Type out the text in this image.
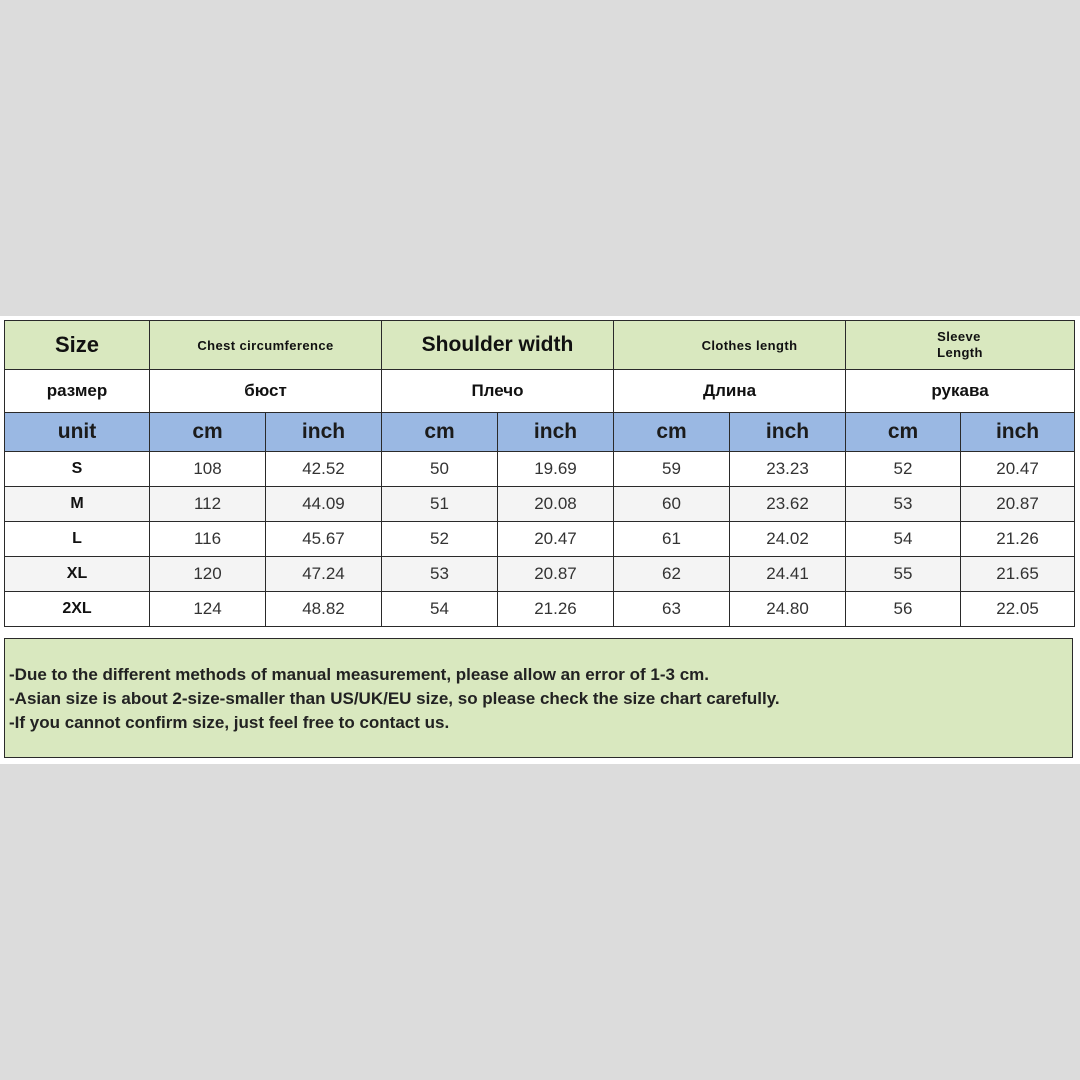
Size	Chest circumference		Shoulder width		Clothes length		Sleeve
Length	
размер	бюст		Плечо		Длина		рукава	
unit	cm	inch	cm	inch	cm	inch	cm	inch
S	108	42.52	50	19.69	59	23.23	52	20.47
M	112	44.09	51	20.08	60	23.62	53	20.87
L	116	45.67	52	20.47	61	24.02	54	21.26
XL	120	47.24	53	20.87	62	24.41	55	21.65
2XL	124	48.82	54	21.26	63	24.80	56	22.05
-Due to the different methods of manual measurement, please allow an error of 1-3 cm.
-Asian size is about 2-size-smaller than US/UK/EU size, so please check the size chart carefully.
-If you cannot confirm size, just feel free to contact us.
